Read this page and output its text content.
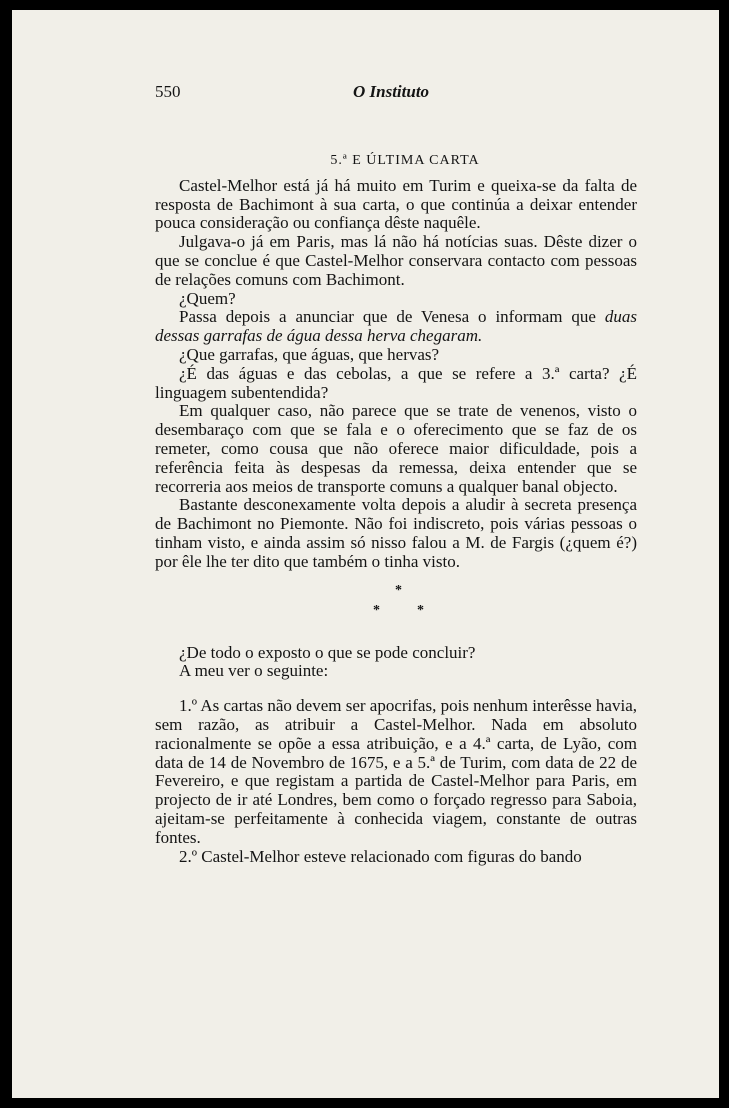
550	O Instituto
5.ª E ÚLTIMA CARTA

Castel-Melhor está já há muito em Turim e queixa-se da falta de resposta de Bachimont à sua carta, o que continúa a deixar entender pouca consideração ou confiança dêste naquêle.

Julgava-o já em Paris, mas lá não há notícias suas. Dêste dizer o que se conclue é que Castel-Melhor conservara contacto com pessoas de relações comuns com Bachimont.

¿Quem?

Passa depois a anunciar que de Venesa o informam que duas dessas garrafas de água dessa herva chegaram.

¿Que garrafas, que águas, que hervas?

¿É das águas e das cebolas, a que se refere a 3.ª carta? ¿É linguagem subentendida?

Em qualquer caso, não parece que se trate de venenos, visto o desembaraço com que se fala e o oferecimento que se faz de os remeter, como cousa que não oferece maior dificuldade, pois a referência feita às despesas da remessa, deixa entender que se recorreria aos meios de transporte comuns a qualquer banal objecto.

Bastante desconexamente volta depois a aludir à secreta presença de Bachimont no Piemonte. Não foi indiscreto, pois várias pessoas o tinham visto, e ainda assim só nisso falou a M. de Fargis (¿quem é?) por êle lhe ter dito que também o tinha visto.

*
*	*

¿De todo o exposto o que se pode concluir?

A meu ver o seguinte:

1.º As cartas não devem ser apocrifas, pois nenhum interêsse havia, sem razão, as atribuir a Castel-Melhor. Nada em absoluto racionalmente se opõe a essa atribuição, e a 4.ª carta, de Lyão, com data de 14 de Novembro de 1675, e a 5.ª de Turim, com data de 22 de Fevereiro, e que registam a partida de Castel-Melhor para Paris, em projecto de ir até Londres, bem como o forçado regresso para Saboia, ajeitam-se perfeitamente à conhecida viagem, constante de outras fontes.

2.º Castel-Melhor esteve relacionado com figuras do bando
